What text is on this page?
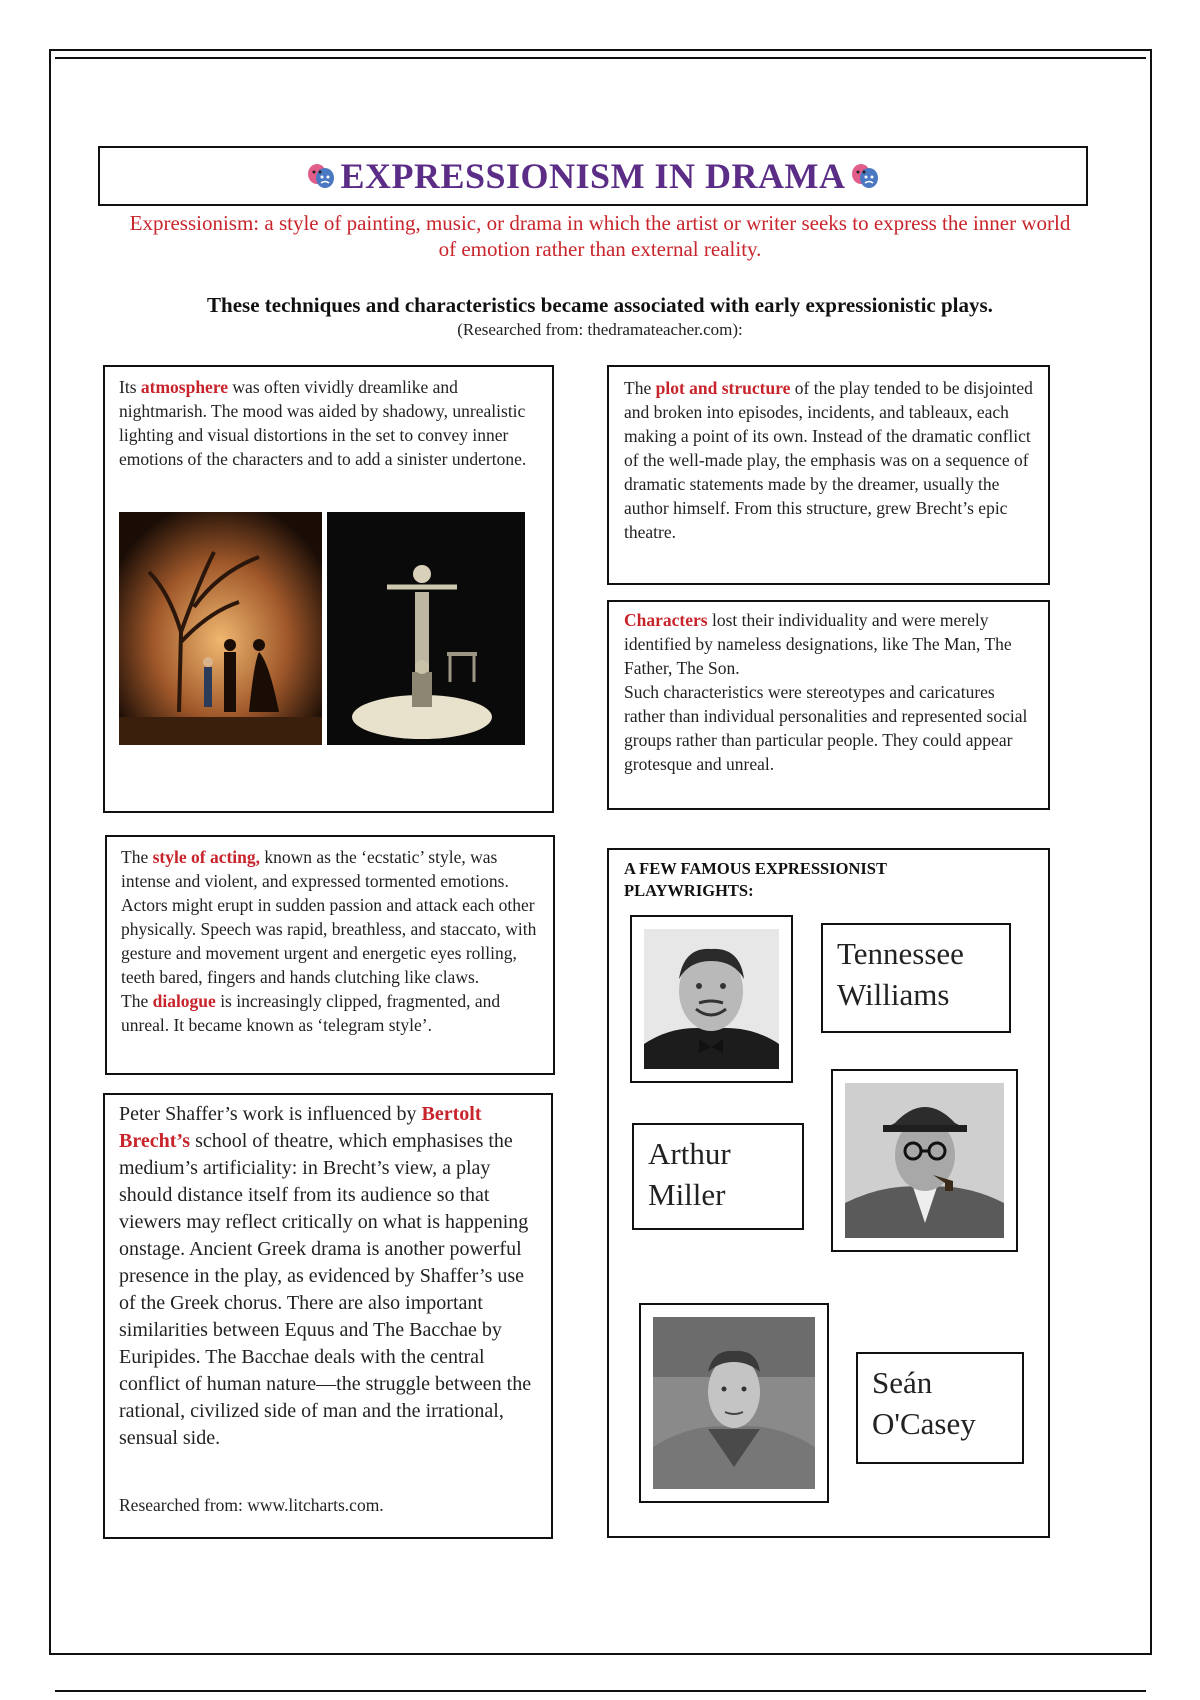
EXPRESSIONISM IN DRAMA
Expressionism: a style of painting, music, or drama in which the artist or writer seeks to express the inner world of emotion rather than external reality.
These techniques and characteristics became associated with early expressionistic plays.
(Researched from: thedramateacher.com):
Its atmosphere was often vividly dreamlike and nightmarish. The mood was aided by shadowy, unrealistic lighting and visual distortions in the set to convey inner emotions of the characters and to add a sinister undertone.
The plot and structure of the play tended to be disjointed and broken into episodes, incidents, and tableaux, each making a point of its own. Instead of the dramatic conflict of the well-made play, the emphasis was on a sequence of dramatic statements made by the dreamer, usually the author himself. From this structure, grew Brecht’s epic theatre.
Characters lost their individuality and were merely identified by nameless designations, like The Man, The Father, The Son.
Such characteristics were stereotypes and caricatures rather than individual personalities and represented social groups rather than particular people. They could appear grotesque and unreal.
The style of acting, known as the ‘ecstatic’ style, was intense and violent, and expressed tormented emotions. Actors might erupt in sudden passion and attack each other physically. Speech was rapid, breathless, and staccato, with gesture and movement urgent and energetic eyes rolling, teeth bared, fingers and hands clutching like claws.
The dialogue is increasingly clipped, fragmented, and unreal. It became known as ‘telegram style’.
Peter Shaffer’s work is influenced by Bertolt Brecht’s school of theatre, which emphasises the medium’s artificiality: in Brecht’s view, a play should distance itself from its audience so that viewers may reflect critically on what is happening onstage. Ancient Greek drama is another powerful presence in the play, as evidenced by Shaffer’s use of the Greek chorus. There are also important similarities between Equus and The Bacchae by Euripides. The Bacchae deals with the central conflict of human nature—the struggle between the rational, civilized side of man and the irrational, sensual side.
Researched from: www.litcharts.com.
A FEW FAMOUS EXPRESSIONIST PLAYWRIGHTS:
Tennessee Williams
Arthur Miller
Seán O'Casey
